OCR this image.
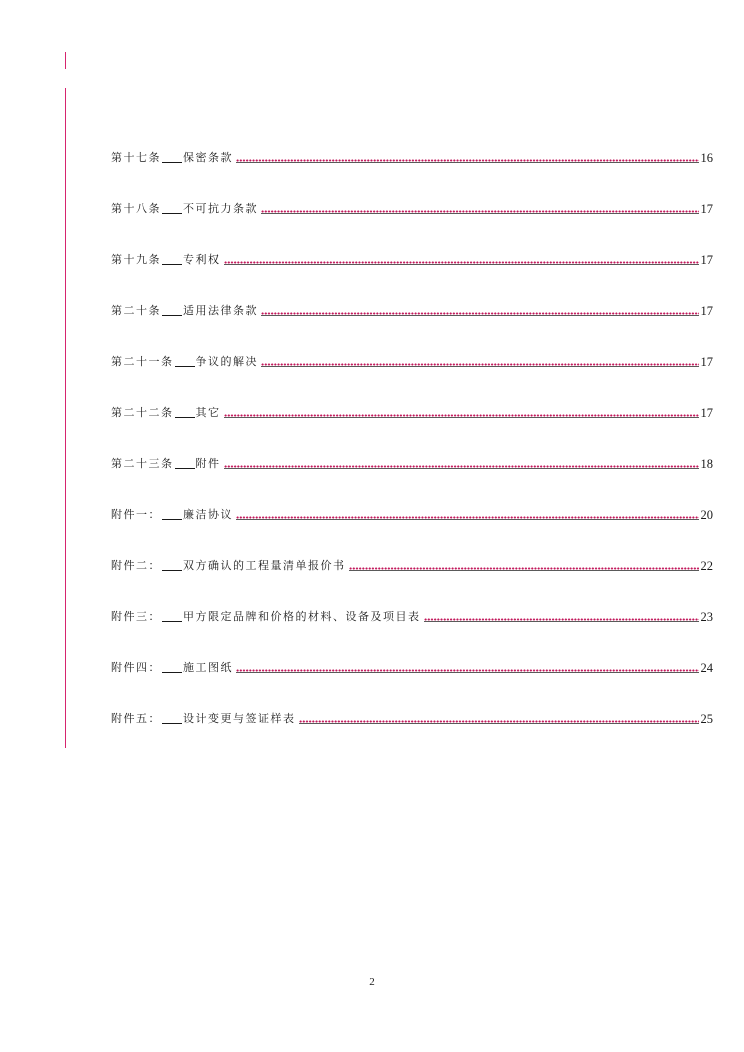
第十七条 保密条款	16
第十八条 不可抗力条款	17
第十九条 专利权	17
第二十条 适用法律条款	17
第二十一条 争议的解决	17
第二十二条 其它	17
第二十三条 附件	18
附件一： 廉洁协议	20
附件二： 双方确认的工程量清单报价书	22
附件三： 甲方限定品牌和价格的材料、设备及项目表	23
附件四： 施工图纸	24
附件五： 设计变更与签证样表	25
2
